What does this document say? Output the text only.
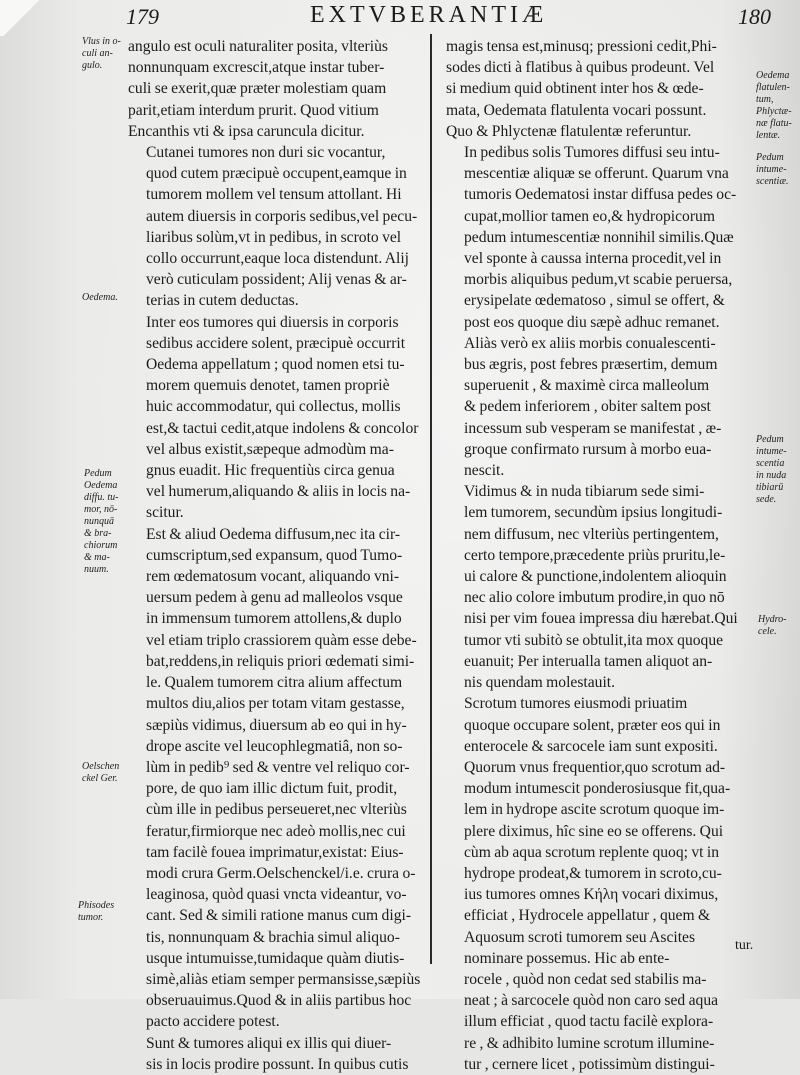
179	EXTVBERANTIÆ	180

angulo est oculi naturaliter posita, vlteriùs
nonnunquam excrescit,atque instar tuber-
culi se exerit,quæ præter molestiam quam
parit,etiam interdum prurit. Quod vitium
Encanthis vti & ipsa caruncula dicitur.

Cutanei tumores non duri sic vocantur,
quod cutem præcipuè occupent,eamque in
tumorem mollem vel tensum attollant. Hi
autem diuersis in corporis sedibus,vel pecu-
liaribus solùm,vt in pedibus, in scroto vel
collo occurrunt,eaque loca distendunt. Alij
verò cuticulam possident; Alij venas & ar-
terias in cutem deductas.

Inter eos tumores qui diuersis in corporis
sedibus accidere solent, præcipuè occurrit
Oedema appellatum ; quod nomen etsi tu-
morem quemuis denotet, tamen propriè
huic accommodatur, qui collectus, mollis
est,& tactui cedit,atque indolens & concolor
vel albus existit,sæpeque admodùm ma-
gnus euadit. Hic frequentiùs circa genua
vel humerum,aliquando & aliis in locis na-
scitur.

Est & aliud Oedema diffusum,nec ita cir-
cumscriptum,sed expansum, quod Tumo-
rem œdematosum vocant, aliquando vni-
uersum pedem à genu ad malleolos vsque
in immensum tumorem attollens,& duplo
vel etiam triplo crassiorem quàm esse debe-
bat,reddens,in reliquis priori œdemati simi-
le. Qualem tumorem citra alium affectum
multos diu,alios per totam vitam gestasse,
sæpiùs vidimus, diuersum ab eo qui in hy-
drope ascite vel leucophlegmatiâ, non so-
lùm in pedib⁹ sed & ventre vel reliquo cor-
pore, de quo iam illic dictum fuit, prodit,
cùm ille in pedibus perseueret,nec vlteriùs
feratur,firmiorque nec adeò mollis,nec cui
tam facilè fouea imprimatur,existat: Eius-
modi crura Germ.Oelschenckel/i.e. crura o-
leaginosa, quòd quasi vncta videantur, vo-
cant. Sed & simili ratione manus cum digi-
tis, nonnunquam & brachia simul aliquo-
usque intumuisse,tumidaque quàm diutis-
simè,aliàs etiam semper permansisse,sæpiùs
obseruauimus.Quod & in aliis partibus hoc
pacto accidere potest.

Sunt & tumores aliqui ex illis qui diuer-
sis in locis prodire possunt. In quibus cutis

magis tensa est,minusq; pressioni cedit,Phi-
sodes dicti à flatibus à quibus prodeunt. Vel
si medium quid obtinent inter hos & œde-
mata, Oedemata flatulenta vocari possunt.
Quo & Phlyctenæ flatulentæ referuntur.

In pedibus solis Tumores diffusi seu intu-
mescentiæ aliquæ se offerunt. Quarum vna
tumoris Oedematosi instar diffusa pedes oc-
cupat,mollior tamen eo,& hydropicorum
pedum intumescentiæ nonnihil similis.Quæ
vel sponte à caussa interna procedit,vel in
morbis aliquibus pedum,vt scabie peruersa,
erysipelate œdematoso , simul se offert, &
post eos quoque diu sæpè adhuc remanet.
Aliàs verò ex aliis morbis conualescenti-
bus ægris, post febres præsertim, demum
superuenit , & maximè circa malleolum
& pedem inferiorem , obiter saltem post
incessum sub vesperam se manifestat , æ-
groque confirmato rursum à morbo eua-
nescit.

Vidimus & in nuda tibiarum sede simi-
lem tumorem, secundùm ipsius longitudi-
nem diffusum, nec vlteriùs pertingentem,
certo tempore,præcedente priùs pruritu,le-
ui calore & punctione,indolentem alioquin
nec alio colore imbutum prodire,in quo nō
nisi per vim fouea impressa diu hærebat.Qui
tumor vti subitò se obtulit,ita mox quoque
euanuit; Per interualla tamen aliquot an-
nis quendam molestauit.

Scrotum tumores eiusmodi priuatim
quoque occupare solent, præter eos qui in
enterocele & sarcocele iam sunt expositi.
Quorum vnus frequentior,quo scrotum ad-
modum intumescit ponderosiusque fit,qua-
lem in hydrope ascite scrotum quoque im-
plere diximus, hîc sine eo se offerens. Qui
cùm ab aqua scrotum replente quoq; vt in
hydrope prodeat,& tumorem in scroto,cu-
ius tumores omnes Κήλη vocari diximus,
efficiat , Hydrocele appellatur , quem &
Aquosum scroti tumorem seu Ascites
nominare possemus. Hic ab ente-
rocele , quòd non cedat sed stabilis ma-
neat ; à sarcocele quòd non caro sed aqua
illum efficiat , quod tactu facilè explora-
re , & adhibito lumine scrotum illumine-
tur , cernere licet , potissimùm distingui-

Vlus in o-
culi an-
gulo.
Oedema.
Pedum
Oedema
diffu. tu-
mor, nō-
nunquā
& bra-
chiorum
& ma-
nuum.
Oelschen
ckel Ger.
Phisodes
tumor.
Oedema
flatulen-
tum,
Phlyctæ-
næ flatu-
lentæ.
Pedum
intume-
scentiæ.
Pedum
intume-
scentia
in nuda
tibiarū
sede.
Hydro-
cele.
tur.
